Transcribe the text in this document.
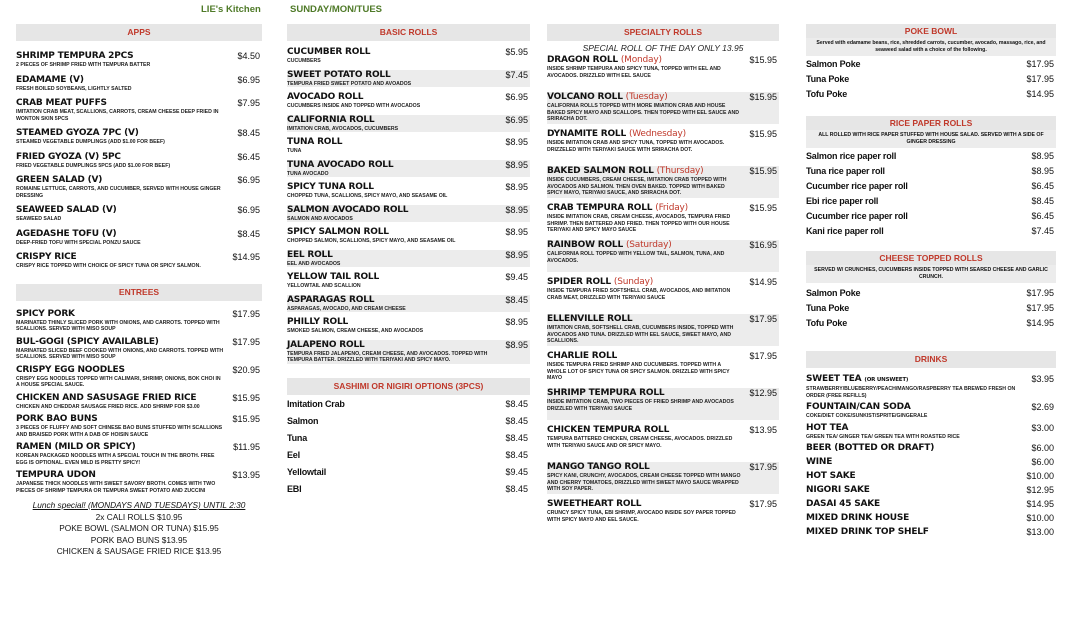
LIE's Kitchen	SUNDAY/MON/TUES
APPS
SHRIMP TEMPURA 2PCS	$4.50
2 PIECES OF SHRIMP FRIED WITH TEMPURA BATTER
EDAMAME (V)	$6.95
FRESH BOILED SOYBEANS, LIGHTLY SALTED
CRAB MEAT PUFFS	$7.95
IMITATION CRAB MEAT, SCALLIONS, CARROTS, CREAM CHEESE DEEP FRIED IN WONTON SKIN 5PCS
STEAMED GYOZA 7PC (V)	$8.45
STEAMED VEGETABLE DUMPLINGS (ADD $1.00 FOR BEEF)
FRIED GYOZA (V) 5PC	$6.45
FRIED VEGETABLE DUMPLINGS 5PCS (ADD $1.00 FOR BEEF)
GREEN SALAD (V)	$6.95
ROMAINE LETTUCE, CARROTS, AND CUCUMBER, SERVED WITH HOUSE GINGER DRESSING
SEAWEED SALAD (V)	$6.95
SEAWEED SALAD
AGEDASHE TOFU (V)	$8.45
DEEP-FRIED TOFU WITH SPECIAL PONZU SAUCE
CRISPY RICE	$14.95
CRISPY RICE TOPPED WITH CHOICE OF SPICY TUNA OR SPICY SALMON.
ENTREES
SPICY PORK	$17.95
MARINATED THINLY SLICED PORK WITH ONIONS, AND CARROTS. TOPPED WITH SCALLIONS. SERVED WITH MISO SOUP
BUL-GOGI (SPICY AVAILABLE)	$17.95
MARINATED SLICED BEEF COOKED WITH ONIONS, AND CARROTS. TOPPED WITH SCALLIONS. SERVED WITH MISO SOUP
CRISPY EGG NOODLES	$20.95
CRISPY EGG NOODLES TOPPED WITH CALIMARI, SHRIMP, ONIONS, BOK CHOI IN A HOUSE SPECIAL SAUCE.
CHICKEN AND SASUSAGE FRIED RICE	$15.95
CHICKEN AND CHEDDAR SAUSAGE FRIED RICE. ADD SHRIMP FOR $3.00
PORK BAO BUNS	$15.95
3 PIECES OF FLUFFY AND SOFT CHINESE BAO BUNS STUFFED WITH SCALLIONS AND BRAISED PORK WITH A DAB OF HOISIN SAUCE
RAMEN (MILD OR SPICY)	$11.95
KOREAN PACKAGED NOODLES WITH A SPECIAL TOUCH IN THE BROTH. FREE EGG IS OPTIONAL. EVEN MILD IS PRETTY SPICY!
TEMPURA UDON	$13.95
JAPANESE THICK NOODLES WITH SWEET SAVORY BROTH. COMES WITH TWO PIECES OF SHRIMP TEMPURA OR TEMPURA SWEET POTATO AND ZUCCINI
Lunch special! (MONDAYS AND TUESDAYS) UNTIL 2:30
2x CALI ROLLS $10.95
POKE BOWL (SALMON OR TUNA) $15.95
PORK BAO BUNS $13.95
CHICKEN & SAUSAGE FRIED RICE $13.95
BASIC ROLLS
CUCUMBER ROLL	$5.95
CUCUMBERS
SWEET POTATO ROLL	$7.45
TEMPURA FRIED SWEET POTATO AND AVOADOS
AVOCADO ROLL	$6.95
CUCUMBERS INSIDE AND TOPPED WITH AVOCADOS
CALIFORNIA ROLL	$6.95
IMITATION CRAB, AVOCADOS, CUCUMBERS
TUNA ROLL	$8.95
TUNA
TUNA AVOCADO ROLL	$8.95
TUNA AVOCADO
SPICY TUNA ROLL	$8.95
CHOPPED TUNA, SCALLIONS, SPICY MAYO, AND SEASAME OIL
SALMON AVOCADO ROLL	$8.95
SALMON AND AVOCADOS
SPICY SALMON ROLL	$8.95
CHOPPED SALMON, SCALLIONS, SPICY MAYO, AND SEASAME OIL
EEL ROLL	$8.95
EEL AND AVOCADOS
YELLOW TAIL ROLL	$9.45
YELLOWTAIL AND SCALLION
ASPARAGAS ROLL	$8.45
ASPARAGAS, AVOCADO, AND CREAM CHEESE
PHILLY ROLL	$8.95
SMOKED SALMON, CREAM CHEESE, AND AVOCADOS
JALAPENO ROLL	$8.95
TEMPURA FRIED JALAPENO, CREAM CHEESE, AND AVOCADOS. TOPPED WITH TEMPURA BATTER. DRIZZLED WITH TERIYAKI AND SPICY MAYO.
SASHIMI OR NIGIRI OPTIONS (3PCS)
Imitation Crab	$8.45
Salmon	$8.45
Tuna	$8.45
Eel	$8.45
Yellowtail	$9.45
EBI	$8.45
SPECIALTY ROLLS
SPECIAL ROLL OF THE DAY ONLY 13.95
DRAGON ROLL (Monday)	$15.95
INSIDE SHRIMP TEMPURA AND SPICY TUNA, TOPPED WITH EEL AND AVOCADOS. DRIZZLED WITH EEL SAUCE
VOLCANO ROLL (Tuesday)	$15.95
CALIFORNIA ROLLS TOPPED WITH MORE IMIATION CRAB AND HOUSE BAKED SPICY MAYO AND SCALLOPS. THEN TOPPED WITH EEL SAUCE AND SRIRACHA DOT.
DYNAMITE ROLL (Wednesday)	$15.95
INSIDE IMITATION CRAB AND SPICY TUNA, TOPPED WITH AVOCADOS. DRIZZELED WITH TERIYAKI SAUCE WITH SRIRACHA DOT.
BAKED SALMON ROLL (Thursday)	$15.95
INSIDE CUCUMBERS, CREAM CHEESE, IMITATION CRAB TOPPED WITH AVOCADOS AND SALMON. THEN OVEN BAKED. TOPPED WITH BAKED SPICY MAYO, TERIYAKI SAUCE, AND SRIRACHA DOT.
CRAB TEMPURA ROLL (Friday)	$15.95
INSIDE IMITATION CRAB, CREAM CHEESE, AVOCADOS, TEMPURA FRIED SHRIMP. THEN BATTERED AND FRIED. THEN TOPPED WITH OUR HOUSE TERIYAKI AND SPICY MAYO SAUCE
RAINBOW ROLL (Saturday)	$16.95
CALIFORNIA ROLL TOPPED WITH YELLOW TAIL, SALMON, TUNA, AND AVOCADOS.
SPIDER ROLL (Sunday)	$14.95
INSIDE TEMPURA FRIED SOFTSHELL CRAB, AVOCADOS, AND IMITATION CRAB MEAT, DRIZZLED WITH TERIYAKI SAUCE
ELLENVILLE ROLL	$17.95
IMITATION CRAB, SOFTSHELL CRAB, CUCUMBERS INSIDE, TOPPED WITH AVOCADOS AND TUNA. DRIZZLED WITH EEL SAUCE, SWEET MAYO, AND SCALLIONS.
CHARLIE ROLL	$17.95
INSIDE TEMPURA FRIED SHRIMP AND CUCUMBERS. TOPPED WITH A WHOLE LOT OF SPICY TUNA OR SPICY SALMON. DRIZZLED WITH SPICY MAYO
SHRIMP TEMPURA ROLL	$12.95
INSIDE IMITATION CRAB, TWO PIECES OF FRIED SHRIMP AND AVOCADOS DRIZZLED WITH TERIYAKI SAUCE
CHICKEN TEMPURA ROLL	$13.95
TEMPURA BATTERED CHICKEN, CREAM CHEESE, AVOCADOS. DRIZZLED WITH TERIYAKI SAUCE AND OR SPICY MAYO.
MANGO TANGO ROLL	$17.95
SPICY KANI, CRUNCHY, AVOCADOS, CREAM CHEESE TOPPED WITH MANGO AND CHERRY TOMATOES, DRIZZLED WITH SWEET MAYO SAUCE WRAPPED WITH SOY PAPER.
SWEETHEART ROLL	$17.95
CRUNCY SPICY TUNA, EBI SHRIMP, AVOCADO INSIDE SOY PAPER TOPPED WITH SPICY MAYO AND EEL SAUCE.
POKE BOWL
Served with edamame beans, rice, shredded carrots, cucumber, avocado, massago, rice, and seaweed salad with a choice of the following.
Salmon Poke	$17.95
Tuna Poke	$17.95
Tofu Poke	$14.95
RICE PAPER ROLLS
ALL ROLLED WITH RICE PAPER STUFFED WITH HOUSE SALAD. SERVED WITH A SIDE OF GINGER DRESSING
Salmon rice paper roll	$8.95
Tuna rice paper roll	$8.95
Cucumber rice paper roll	$6.45
Ebi rice paper roll	$8.45
Cucumber rice paper roll	$6.45
Kani rice paper roll	$7.45
CHEESE TOPPED ROLLS
SERVED W/ CRUNCHIES, CUCUMBERS INSIDE TOPPED WITH SEARED CHEESE AND GARLIC CRUNCH.
Salmon Poke	$17.95
Tuna Poke	$17.95
Tofu Poke	$14.95
DRINKS
SWEET TEA (OR UNSWEET)	$3.95
STRAWBERRY/BLUEBERRY/PEACH/MANGO/RASPBERRY TEA BREWED FRESH ON ORDER (FREE REFILLS)
FOUNTAIN/CAN SODA	$2.69
COKE/DIET COKE/SUNKIST/SPRITE/GINGERALE
HOT TEA	$3.00
GREEN TEA/ GINGER TEA/ GREEN TEA WITH ROASTED RICE
BEER (BOTTED OR DRAFT)	$6.00
WINE	$6.00
HOT SAKE	$10.00
NIGORI SAKE	$12.95
DASAI 45 SAKE	$14.95
MIXED DRINK HOUSE	$10.00
MIXED DRINK TOP SHELF	$13.00
